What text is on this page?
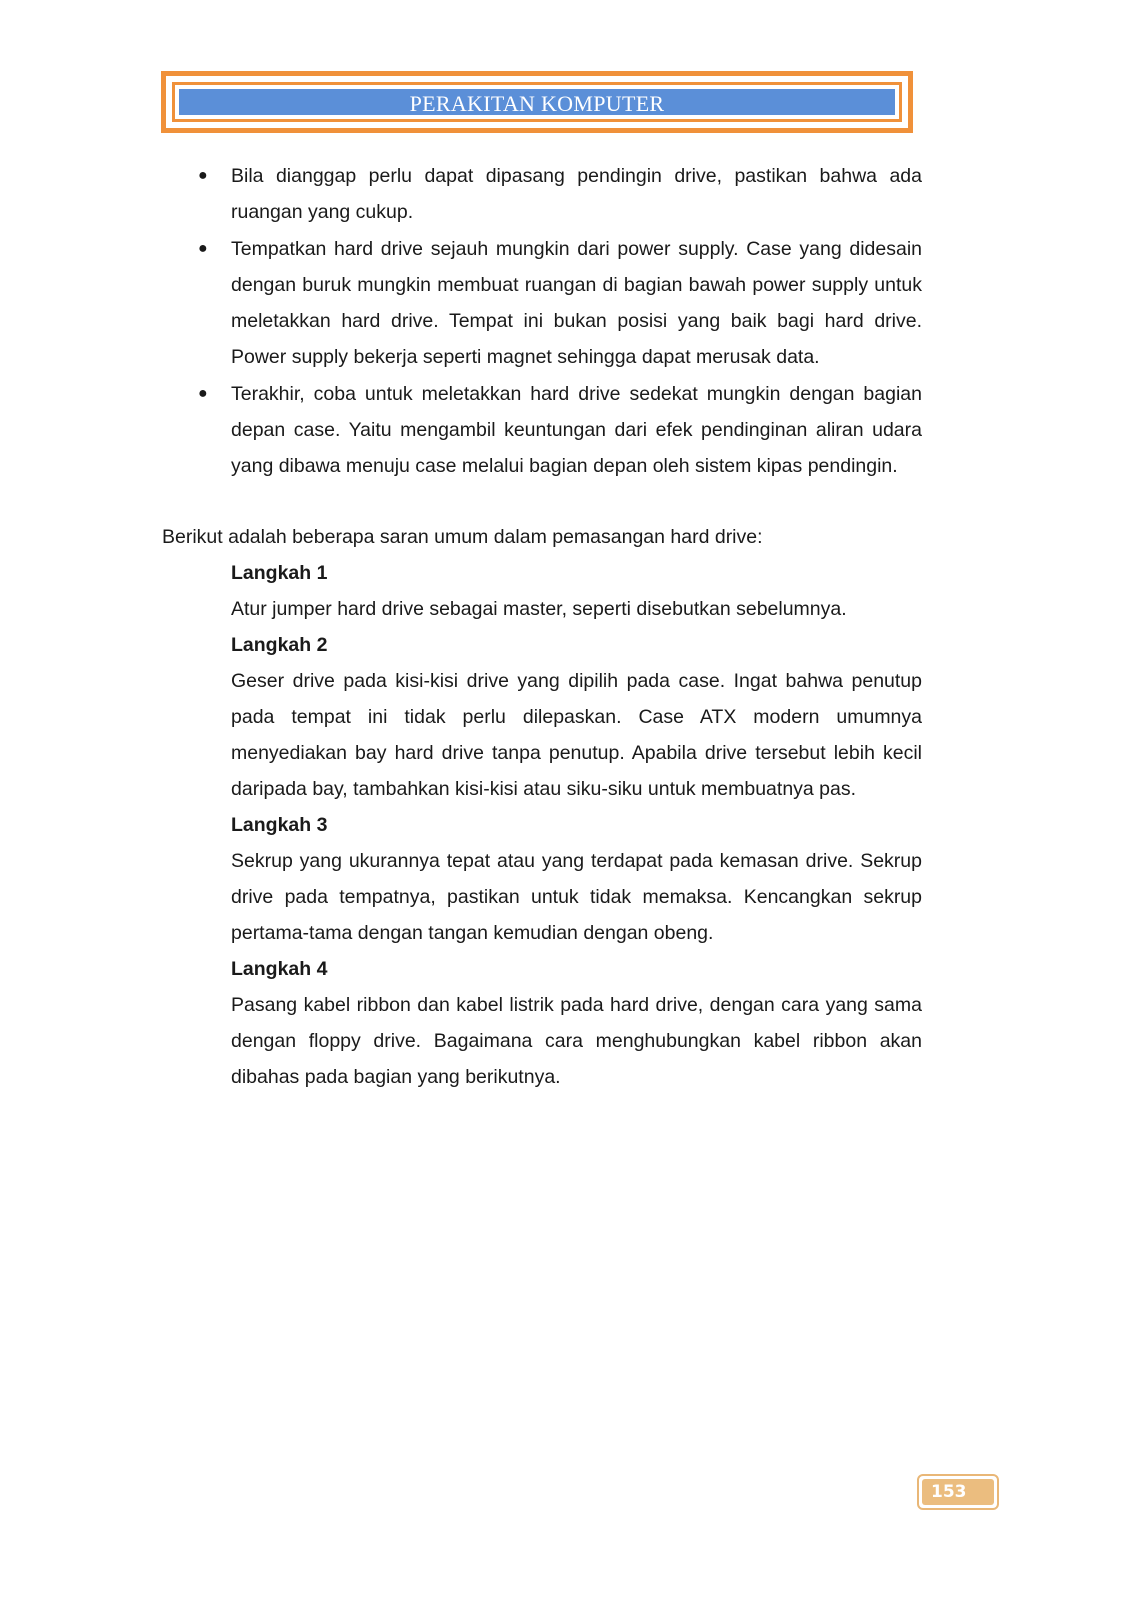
PERAKITAN KOMPUTER
● Bila dianggap perlu dapat dipasang pendingin drive, pastikan bahwa ada ruangan yang cukup.
● Tempatkan hard drive sejauh mungkin dari power supply. Case yang didesain dengan buruk mungkin membuat ruangan di bagian bawah power supply untuk meletakkan hard drive. Tempat ini bukan posisi yang baik bagi hard drive. Power supply bekerja seperti magnet sehingga dapat merusak data.
● Terakhir, coba untuk meletakkan hard drive sedekat mungkin dengan bagian depan case. Yaitu mengambil keuntungan dari efek pendinginan aliran udara yang dibawa menuju case melalui bagian depan oleh sistem kipas pendingin.
Berikut adalah beberapa saran umum dalam pemasangan hard drive:
Langkah 1
Atur jumper hard drive sebagai master, seperti disebutkan sebelumnya.
Langkah 2
Geser drive pada kisi-kisi drive yang dipilih pada case. Ingat bahwa penutup pada tempat ini tidak perlu dilepaskan. Case ATX modern umumnya menyediakan bay hard drive tanpa penutup. Apabila drive tersebut lebih kecil daripada bay, tambahkan kisi-kisi atau siku-siku untuk membuatnya pas.
Langkah 3
Sekrup yang ukurannya tepat atau yang terdapat pada kemasan drive. Sekrup drive pada tempatnya, pastikan untuk tidak memaksa. Kencangkan sekrup pertama-tama dengan tangan kemudian dengan obeng.
Langkah 4
Pasang kabel ribbon dan kabel listrik pada hard drive, dengan cara yang sama dengan floppy drive. Bagaimana cara menghubungkan kabel ribbon akan dibahas pada bagian yang berikutnya.
153
